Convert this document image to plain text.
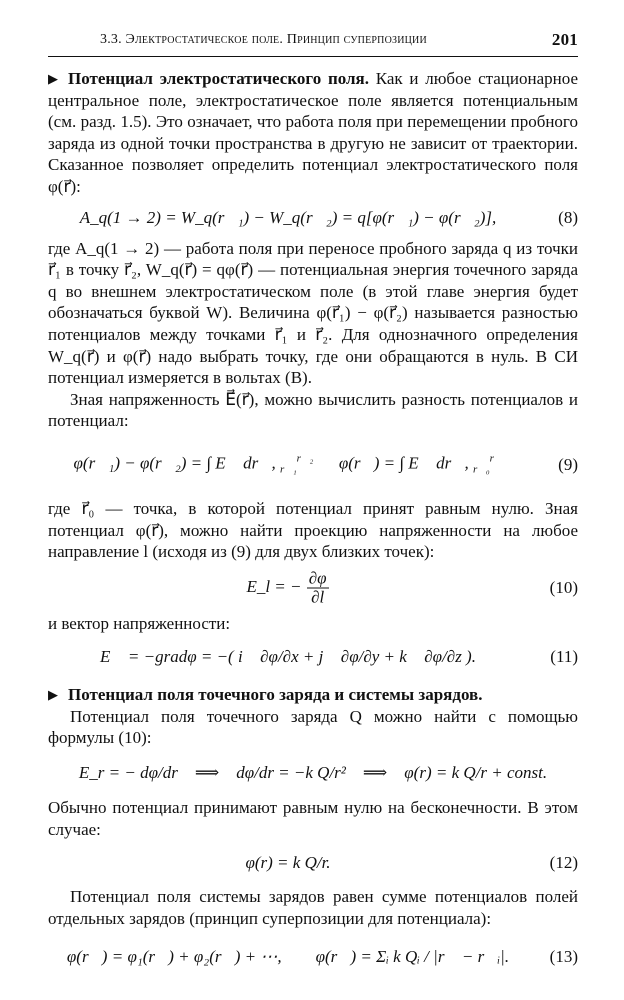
3.3. Электростатическое поле. Принцип суперпозиции	201

▶ Потенциал электростатического поля. Как и любое стационарное центральное поле, электростатическое поле является потенциальным (см. разд. 1.5). Это означает, что работа поля при перемещении пробного заряда из одной точки пространства в другую не зависит от траектории. Сказанное позволяет определить потенциал электростатического поля φ(r⃗):

A_q(1 → 2) = W_q(r⃗₁) − W_q(r⃗₂) = q[φ(r⃗₁) − φ(r⃗₂)],	(8)

где A_q(1 → 2) — работа поля при переносе пробного заряда q из точки r⃗₁ в точку r⃗₂, W_q(r⃗) = qφ(r⃗) — потенциальная энергия точечного заряда q во внешнем электростатическом поле (в этой главе энергия будет обозначаться буквой W). Величина φ(r⃗₁) − φ(r⃗₂) называется разностью потенциалов между точками r⃗₁ и r⃗₂. Для однозначного определения W_q(r⃗) и φ(r⃗) надо выбрать точку, где они обращаются в нуль. В СИ потенциал измеряется в вольтах (В).

Зная напряженность E⃗(r⃗), можно вычислить разность потенциалов и потенциал:

φ(r⃗₁) − φ(r⃗₂) = ∫ E⃗ dr⃗, $_{r⃗_1}^{r⃗_2}$ φ(r⃗) = ∫ E⃗ dr⃗, $_{r⃗_0}^{r⃗}$	(9)

где r⃗₀ — точка, в которой потенциал принят равным нулю. Зная потенциал φ(r⃗), можно найти проекцию напряженности на любое направление l (исходя из (9) для двух близких точек):

E_l = − $\frac{\partial\varphi}{\partial l}$	(10)

и вектор напряженности:

E⃗ = −gradφ = −( i⃗ ∂φ/∂x + j⃗ ∂φ/∂y + k⃗ ∂φ/∂z ).	(11)

▶ Потенциал поля точечного заряда и системы зарядов.

Потенциал поля точечного заряда Q можно найти с помощью формулы (10):

E_r = − dφ/dr ⟹ dφ/dr = −k Q/r² ⟹ φ(r) = k Q/r + const.

Обычно потенциал принимают равным нулю на бесконечности. В этом случае:

φ(r) = k Q/r.	(12)

Потенциал поля системы зарядов равен сумме потенциалов полей отдельных зарядов (принцип суперпозиции для потенциала):

φ(r⃗) = φ₁(r⃗) + φ₂(r⃗) + ⋯, φ(r⃗) = Σᵢ k Qᵢ / |r⃗ − r⃗ᵢ|.	(13)
